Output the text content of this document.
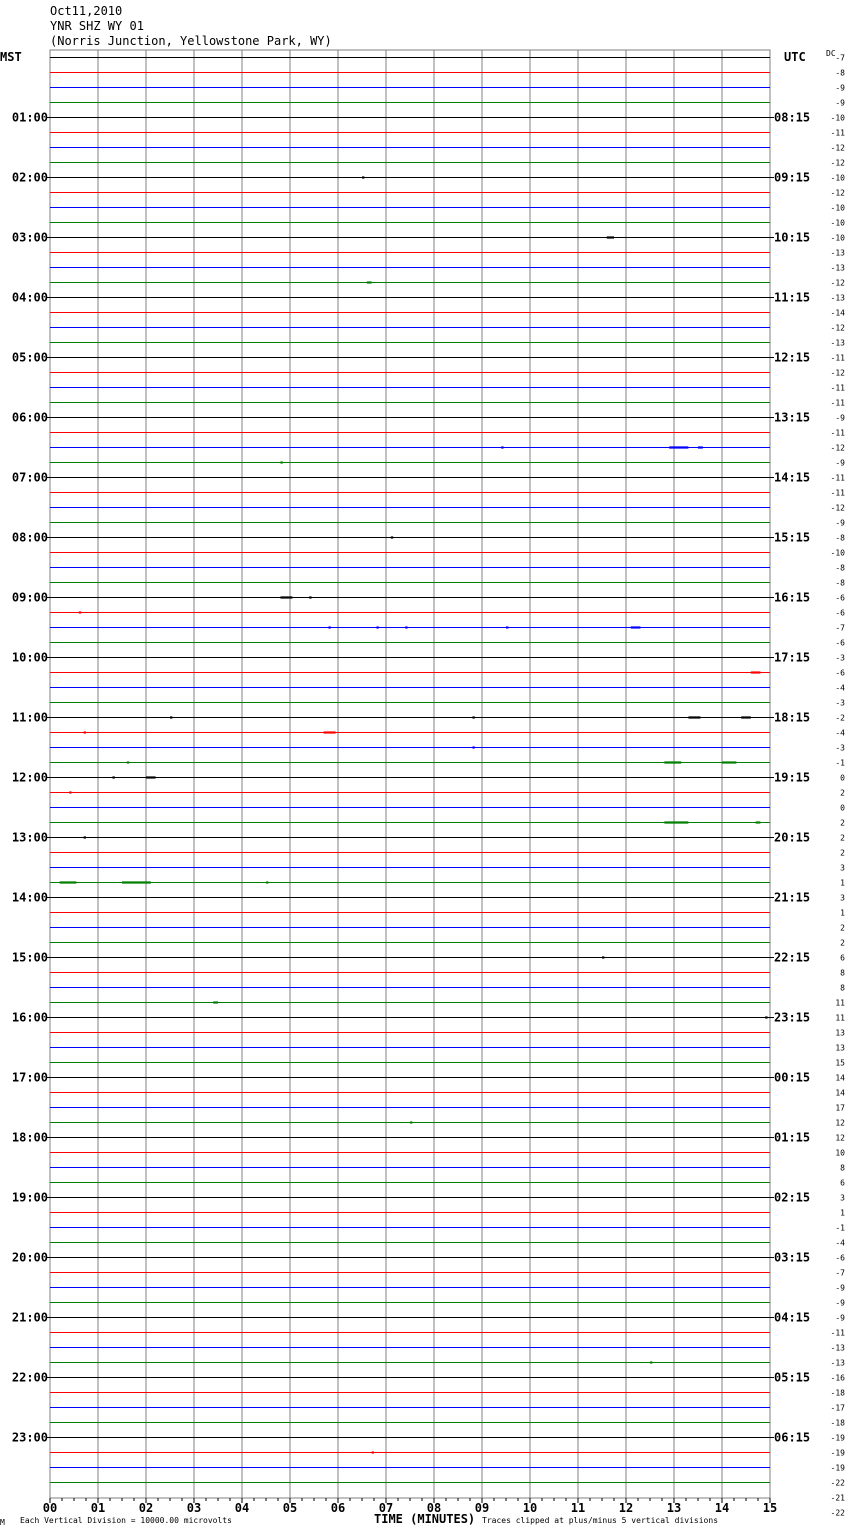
Oct11,2010
YNR SHZ WY 01
(Norris Junction, Yellowstone Park, WY)
MST	UTC
01:00
02:00
03:00
04:00
05:00
06:00
07:00
08:00
09:00
10:00
11:00
12:00
13:00
14:00
15:00
16:00
17:00
18:00
19:00
20:00
21:00
22:00
23:00
08:15
09:15
10:15
11:15
12:15
13:15
14:15
15:15
16:15
17:15
18:15
19:15
20:15
21:15
22:15
23:15
00:15
01:15
02:15
03:15
04:15
05:15
06:15
DC -7
-8
-9
-9
-10
-11
-12
-12
-10
-12
-10
-10
-10
-13
-13
-12
-13
-14
-12
-13
-11
-12
-11
-11
-9
-11
-12
-9
-11
-11
-12
-9
-8
-10
-8
-8
-6
-6
-7
-6
-3
-6
-4
-3
-2
-4
-3
-1
0
2
0
2
2
2
3
1
3
1
2
2
6
8
8
11
11
13
13
15
14
14
17
12
12
10
8
6
3
1
-1
-4
-6
-7
-9
-9
-9
-11
-13
-13
-16
-18
-17
-18
-19
-19
-19
-22
-21
-22
00	01	02	03	04	05	06	07	08	09	10	11	12	13	14	15
TIME (MINUTES)
M Each Vertical Division = 10000.00 microvolts	Traces clipped at plus/minus 5 vertical divisions
